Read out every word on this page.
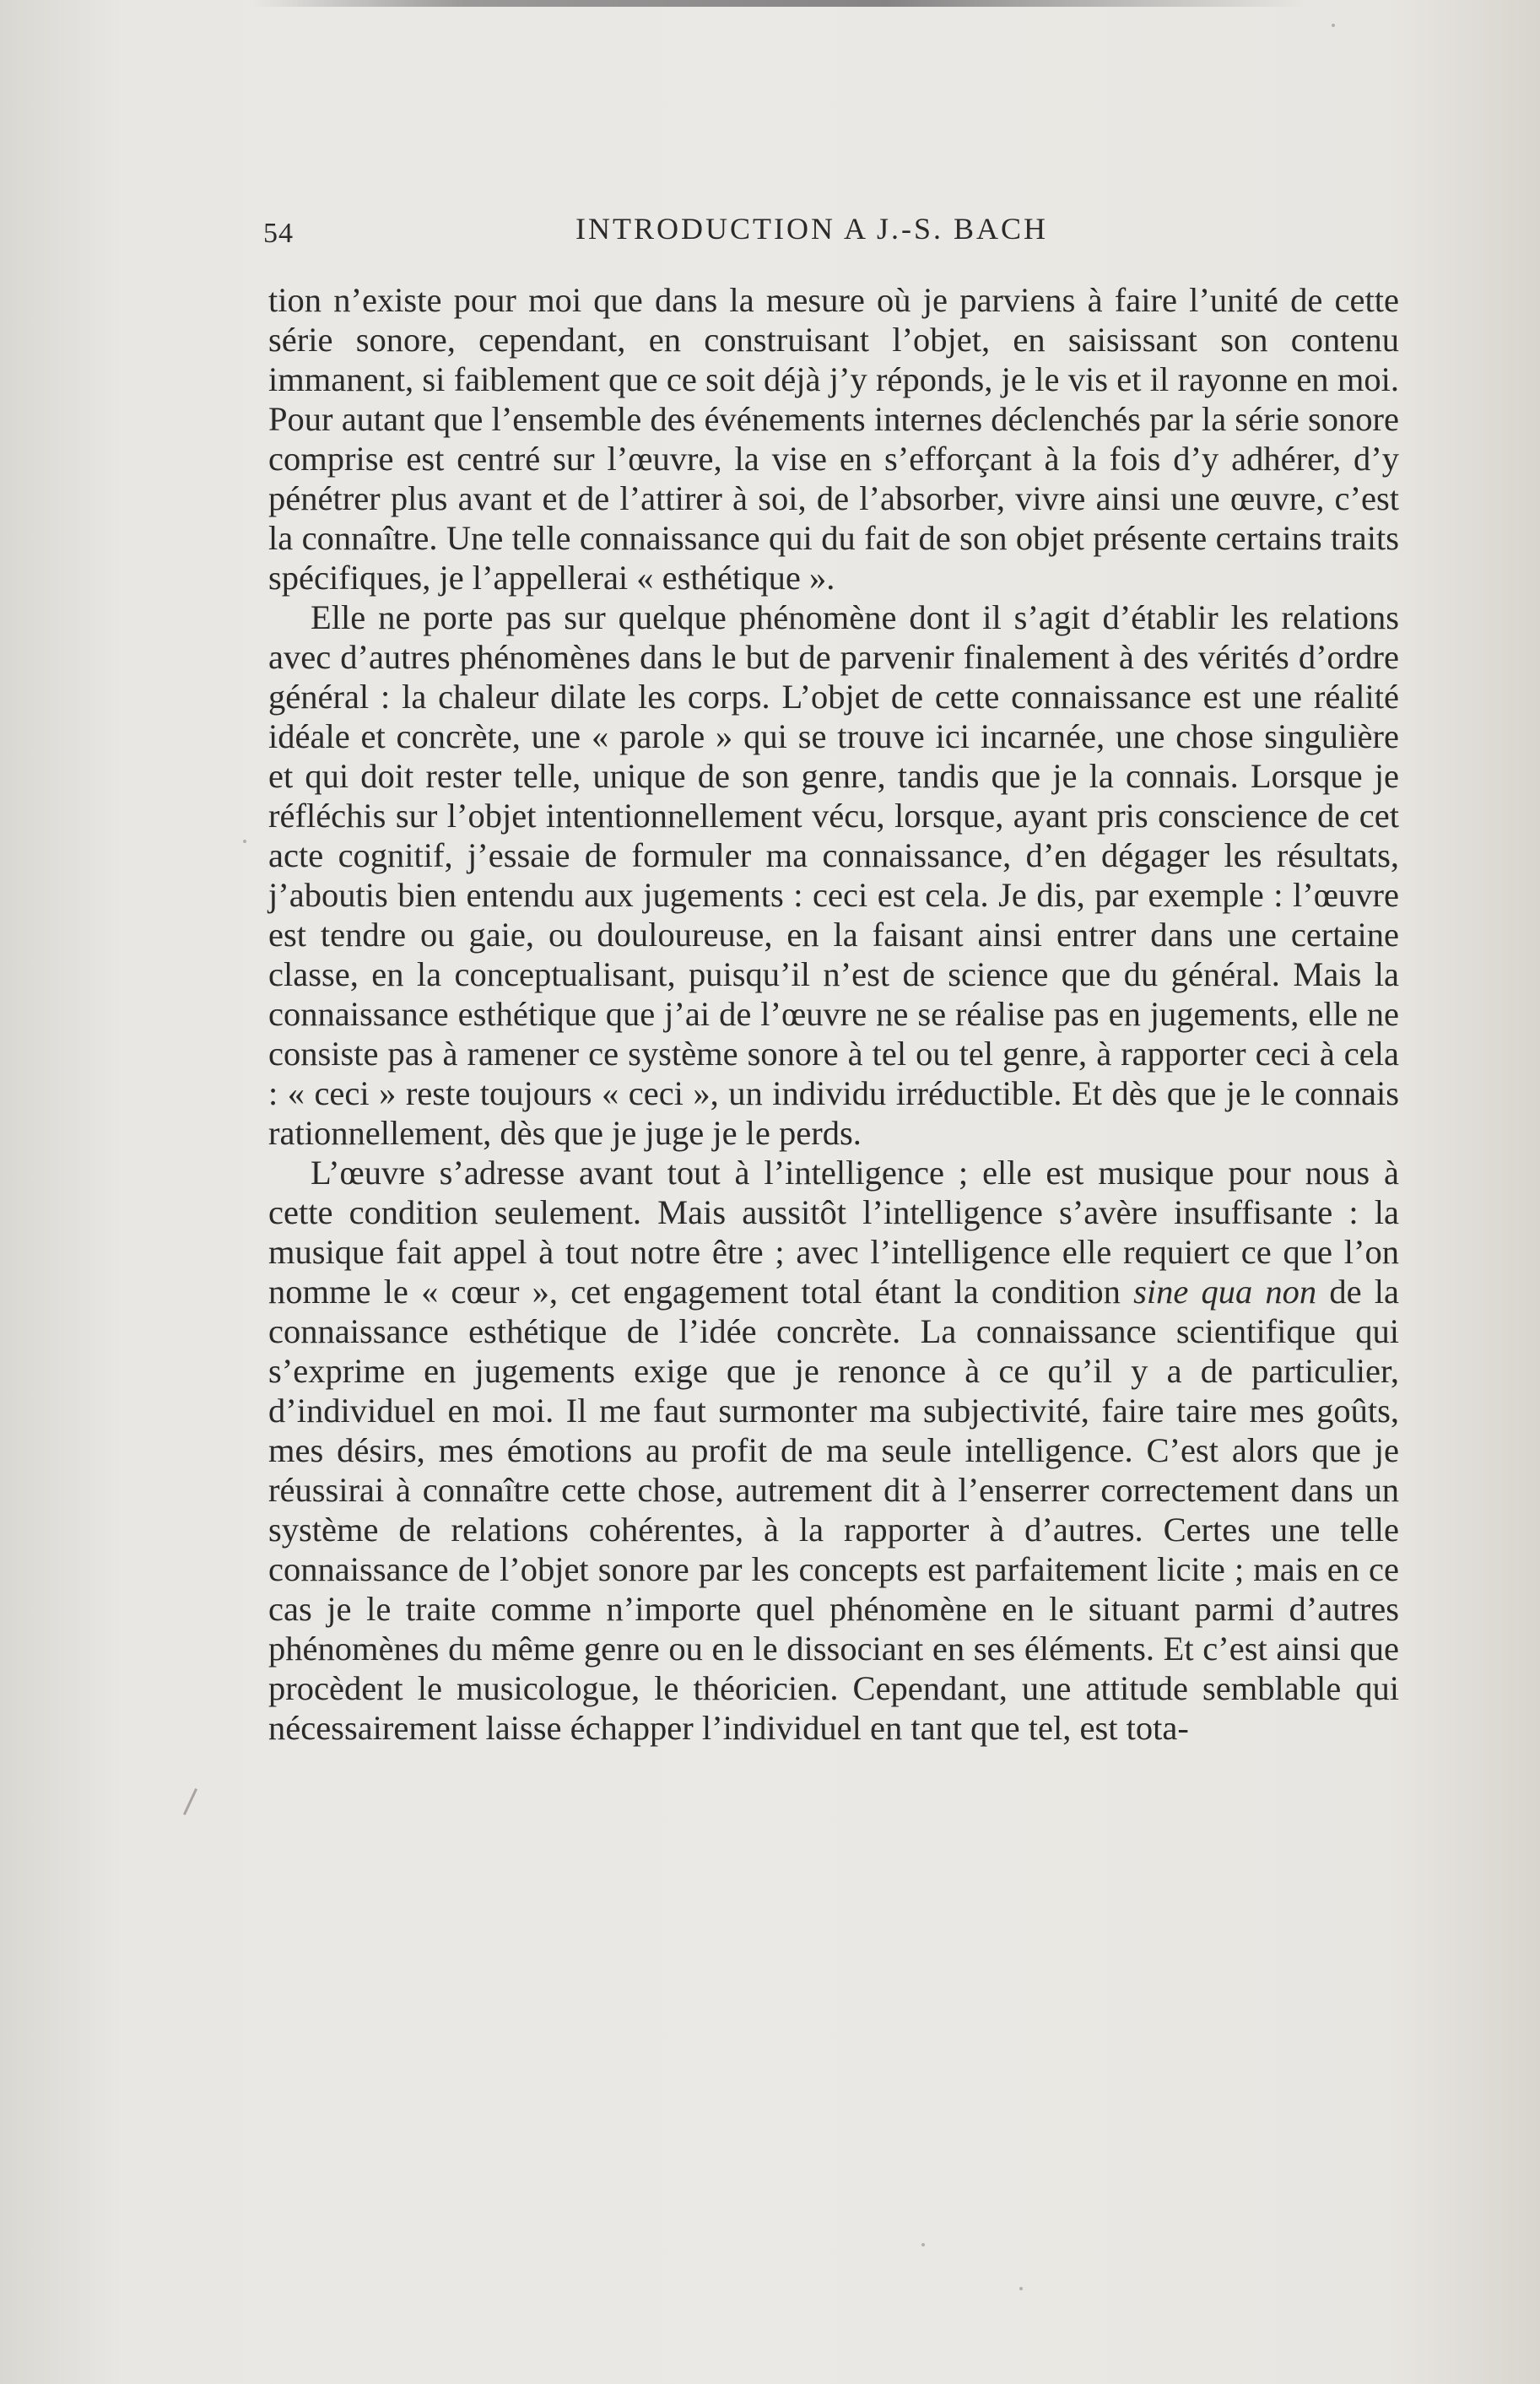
54	INTRODUCTION A J.-S. BACH

tion n’existe pour moi que dans la mesure où je parviens à faire l’unité de cette série sonore, cependant, en construisant l’objet, en saisissant son contenu immanent, si faiblement que ce soit déjà j’y réponds, je le vis et il rayonne en moi. Pour autant que l’ensemble des événements internes déclenchés par la série sonore comprise est centré sur l’œuvre, la vise en s’efforçant à la fois d’y adhérer, d’y pénétrer plus avant et de l’attirer à soi, de l’absorber, vivre ainsi une œuvre, c’est la connaître. Une telle connaissance qui du fait de son objet présente certains traits spécifiques, je l’appellerai « esthétique ».

Elle ne porte pas sur quelque phénomène dont il s’agit d’établir les relations avec d’autres phénomènes dans le but de parvenir finalement à des vérités d’ordre général : la chaleur dilate les corps. L’objet de cette connaissance est une réalité idéale et concrète, une « parole » qui se trouve ici incarnée, une chose singulière et qui doit rester telle, unique de son genre, tandis que je la connais. Lorsque je réfléchis sur l’objet intentionnellement vécu, lorsque, ayant pris conscience de cet acte cognitif, j’essaie de formuler ma connaissance, d’en dégager les résultats, j’aboutis bien entendu aux jugements : ceci est cela. Je dis, par exemple : l’œuvre est tendre ou gaie, ou douloureuse, en la faisant ainsi entrer dans une certaine classe, en la conceptualisant, puisqu’il n’est de science que du général. Mais la connaissance esthétique que j’ai de l’œuvre ne se réalise pas en jugements, elle ne consiste pas à ramener ce système sonore à tel ou tel genre, à rapporter ceci à cela : « ceci » reste toujours « ceci », un individu irréductible. Et dès que je le connais rationnellement, dès que je juge je le perds.

L’œuvre s’adresse avant tout à l’intelligence ; elle est musique pour nous à cette condition seulement. Mais aussitôt l’intelligence s’avère insuffisante : la musique fait appel à tout notre être ; avec l’intelligence elle requiert ce que l’on nomme le « cœur », cet engagement total étant la condition sine qua non de la connaissance esthétique de l’idée concrète. La connaissance scientifique qui s’exprime en jugements exige que je renonce à ce qu’il y a de particulier, d’individuel en moi. Il me faut surmonter ma subjectivité, faire taire mes goûts, mes désirs, mes émotions au profit de ma seule intelligence. C’est alors que je réussirai à connaître cette chose, autrement dit à l’enserrer correctement dans un système de relations cohérentes, à la rapporter à d’autres. Certes une telle connaissance de l’objet sonore par les concepts est parfaitement licite ; mais en ce cas je le traite comme n’importe quel phénomène en le situant parmi d’autres phénomènes du même genre ou en le dissociant en ses éléments. Et c’est ainsi que procèdent le musicologue, le théoricien. Cependant, une attitude semblable qui nécessairement laisse échapper l’individuel en tant que tel, est tota-
